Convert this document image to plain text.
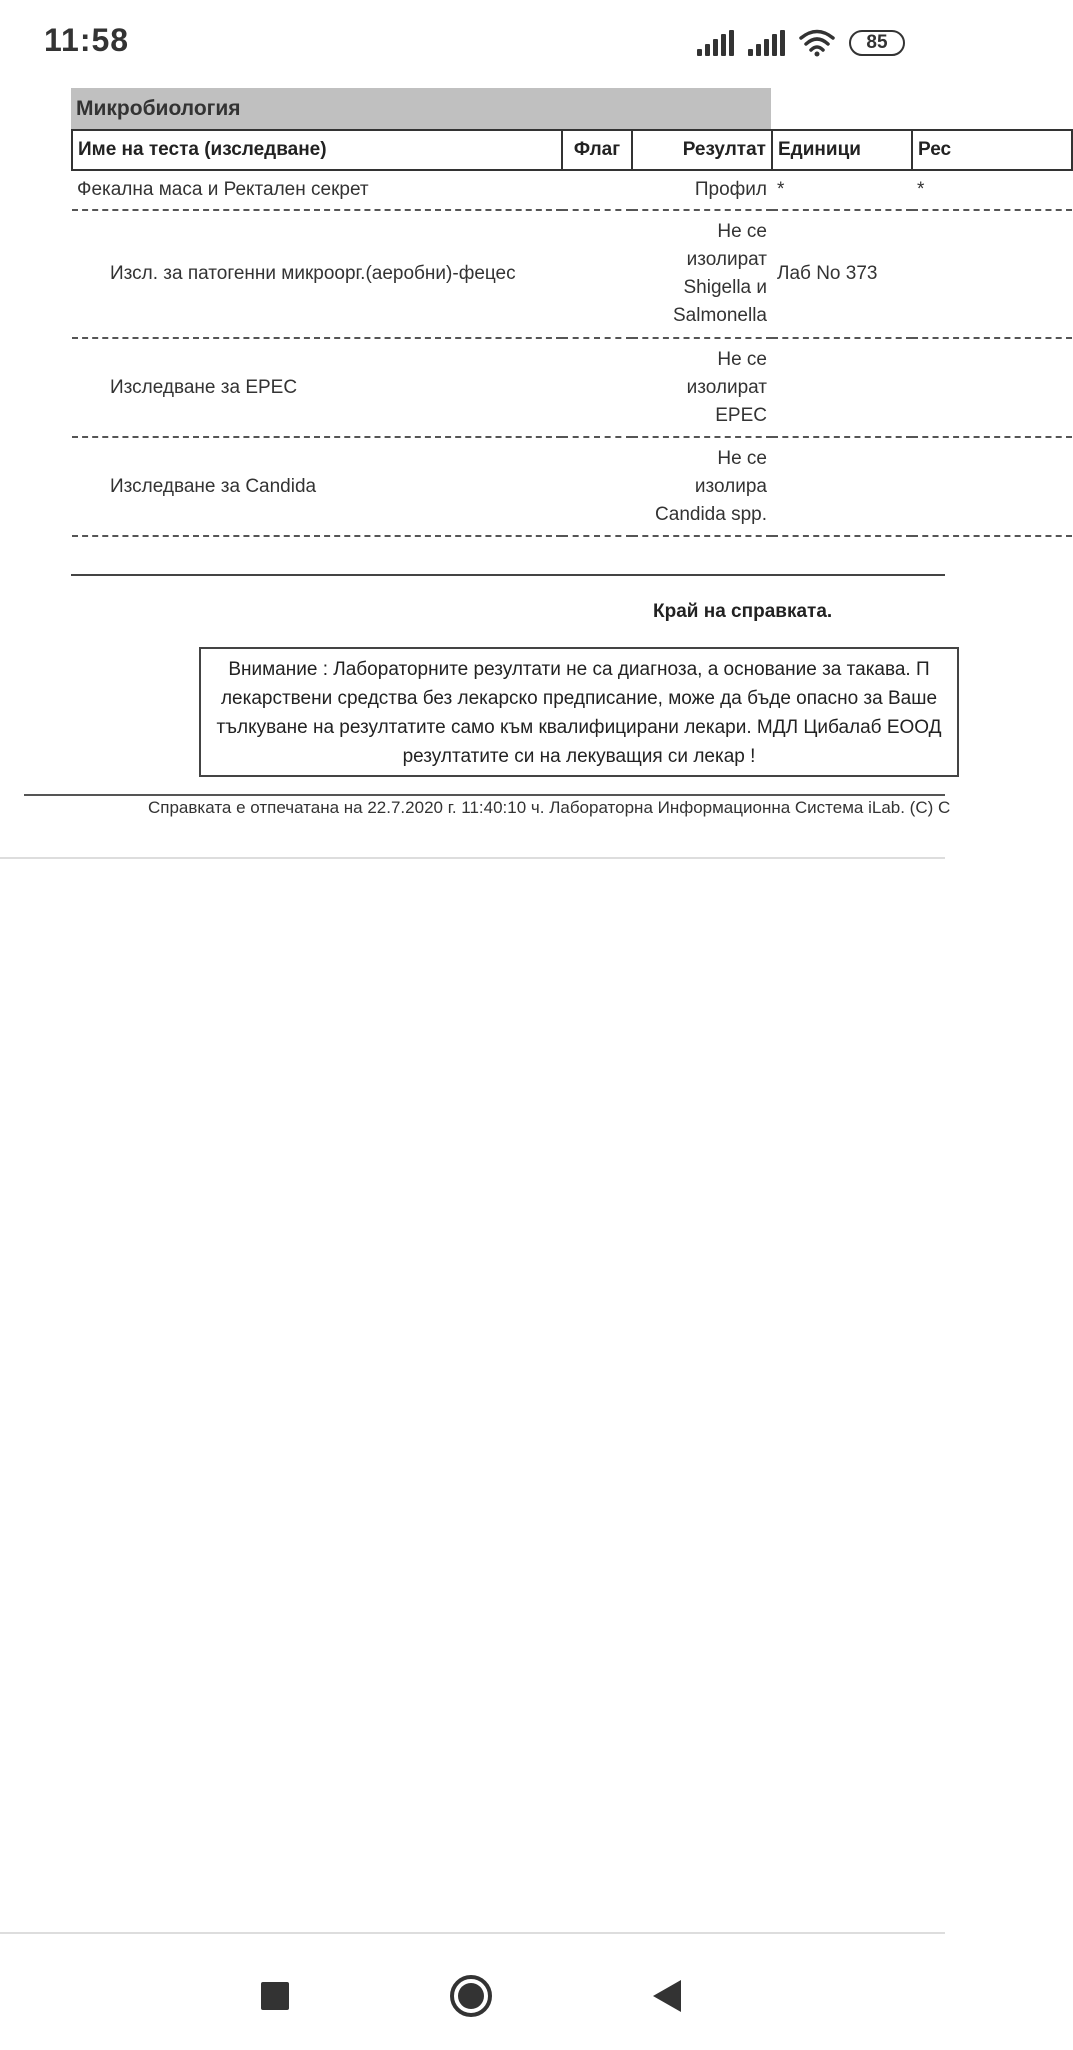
11:58	85
Микробиология
Име на теста (изследване)	Флаг	Резултат	Единици	Рес
Фекална маса и Ректален секрет		Профил	*	*
Изсл. за патогенни микроорг.(аеробни)-фецес		Не се
изолират
Shigella и
Salmonella	Лаб No 373	
Изследване за EPEC		Не се
изолират
EPEC		

Изследване за Candida		Не се
изолира
Candida spp.		

Край на справката.
Внимание : Лабораторните резултати не са диагноза, а основание за такава. П
лекарствени средства без лекарско предписание, може да бъде опасно за Ваше
тълкуване на резултатите само към квалифицирани лекари. МДЛ Цибалаб ЕООД
резултатите си на лекуващия си лекар !
Справката е отпечатана на 22.7.2020 г. 11:40:10 ч. Лабораторна Информационна Система iLab. (C) C
